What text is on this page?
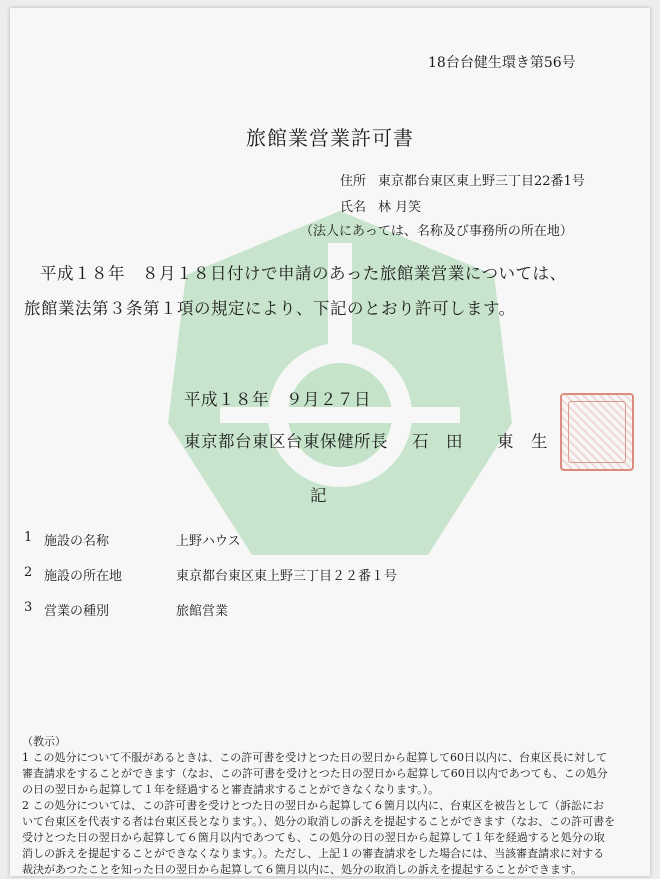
18台台健生環き第56号
旅館業営業許可書
住所 東京都台東区東上野三丁目22番1号
氏名 林 月笑
（法人にあっては、名称及び事務所の所在地）
平成１８年　８月１８日付けで申請のあった旅館業営業については、
旅館業法第３条第１項の規定により、下記のとおり許可します。
平成１８年　９月２７日
東京都台東区台東保健所長 石　田　　東　生
記
1 施設の名称	上野ハウス
2 施設の所在地	東京都台東区東上野三丁目２２番１号
3 営業の種別	旅館営業
（教示）
1 この処分について不服があるときは、この許可書を受けとつた日の翌日から起算して60日以内に、台東区長に対して
審査請求をすることができます（なお、この許可書を受けとつた日の翌日から起算して60日以内であつても、この処分
の日の翌日から起算して１年を経過すると審査請求することができなくなります。）。
2 この処分については、この許可書を受けとつた日の翌日から起算して６箇月以内に、台東区を被告として（訴訟にお
いて台東区を代表する者は台東区長となります。）、処分の取消しの訴えを提起することができます（なお、この許可書を
受けとつた日の翌日から起算して６箇月以内であつても、この処分の日の翌日から起算して１年を経過すると処分の取
消しの訴えを提起することができなくなります。）。ただし、上記１の審査請求をした場合には、当該審査請求に対する
裁決があつたことを知った日の翌日から起算して６箇月以内に、処分の取消しの訴えを提起することができます。
